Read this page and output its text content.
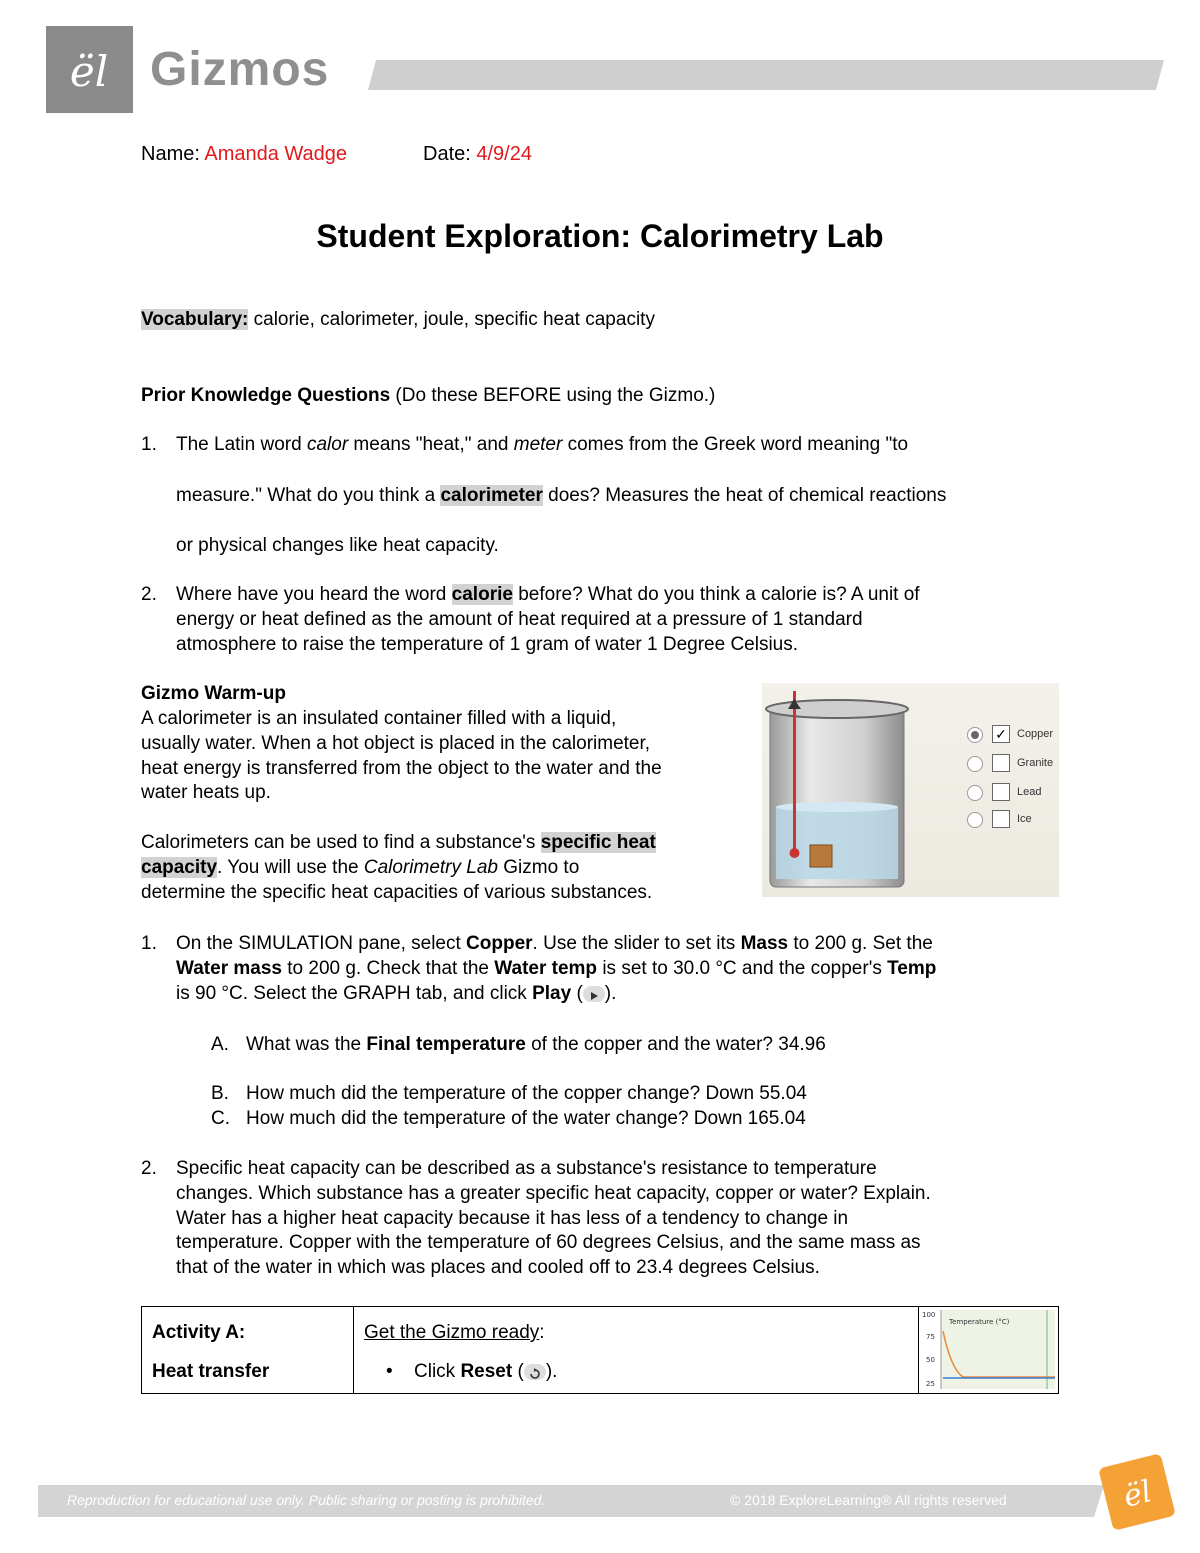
ël Gizmos
Name: Amanda Wadge	Date: 4/9/24
Student Exploration: Calorimetry Lab
Vocabulary: calorie, calorimeter, joule, specific heat capacity
Prior Knowledge Questions (Do these BEFORE using the Gizmo.)
1. The Latin word calor means "heat," and meter comes from the Greek word meaning "to
measure." What do you think a calorimeter does? Measures the heat of chemical reactions
or physical changes like heat capacity.
2. Where have you heard the word calorie before? What do you think a calorie is? A unit of
energy or heat defined as the amount of heat required at a pressure of 1 standard
atmosphere to raise the temperature of 1 gram of water 1 Degree Celsius.
Gizmo Warm-up
A calorimeter is an insulated container filled with a liquid,
usually water. When a hot object is placed in the calorimeter,
heat energy is transferred from the object to the water and the
water heats up.
Calorimeters can be used to find a substance's specific heat
capacity. You will use the Calorimetry Lab Gizmo to
determine the specific heat capacities of various substances.
✓ Copper
Granite
Lead
Ice
1. On the SIMULATION pane, select Copper. Use the slider to set its Mass to 200 g. Set the
Water mass to 200 g. Check that the Water temp is set to 30.0 °C and the copper's Temp
is 90 °C. Select the GRAPH tab, and click Play ( ).
A. What was the Final temperature of the copper and the water? 34.96
B. How much did the temperature of the copper change? Down 55.04
C. How much did the temperature of the water change? Down 165.04
2. Specific heat capacity can be described as a substance's resistance to temperature
changes. Which substance has a greater specific heat capacity, copper or water? Explain.
Water has a higher heat capacity because it has less of a tendency to change in
temperature. Copper with the temperature of 60 degrees Celsius, and the same mass as
that of the water in which was places and cooled off to 23.4 degrees Celsius.
Activity A:
Heat transfer
Get the Gizmo ready:
• Click Reset ( ).
100
75
50
25
Temperature (°C)
Reproduction for educational use only. Public sharing or posting is prohibited.	© 2018 ExploreLearning® All rights reserved	ël
